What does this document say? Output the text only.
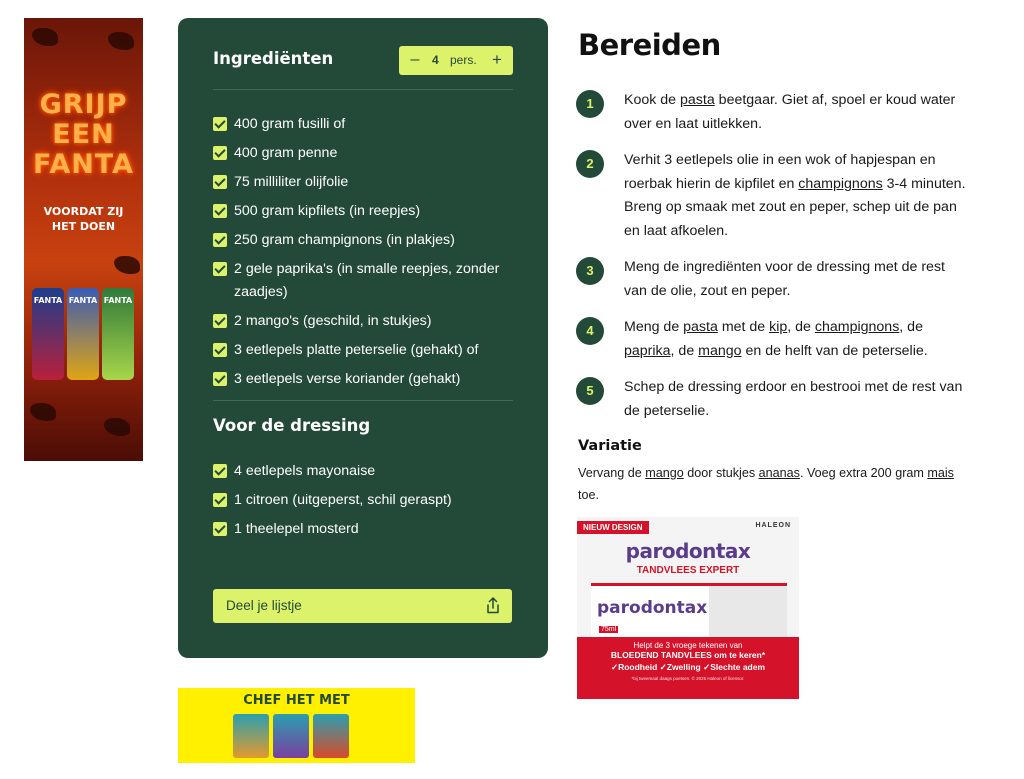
GRIJP
EEN
FANTA
VOORDAT ZIJ
HET DOEN
FANTA FANTA FANTA
Ingrediënten	– 4 pers. +
400 gram fusilli of
400 gram penne
75 milliliter olijfolie
500 gram kipfilets (in reepjes)
250 gram champignons (in plakjes)
2 gele paprika's (in smalle reepjes, zonder zaadjes)
2 mango's (geschild, in stukjes)
3 eetlepels platte peterselie (gehakt) of
3 eetlepels verse koriander (gehakt)
Voor de dressing
4 eetlepels mayonaise
1 citroen (uitgeperst, schil geraspt)
1 theelepel mosterd
Deel je lijstje
Bereiden
1	Kook de pasta beetgaar. Giet af, spoel er koud water over en laat uitlekken.
2	Verhit 3 eetlepels olie in een wok of hapjespan en roerbak hierin de kipfilet en champignons 3-4 minuten. Breng op smaak met zout en peper, schep uit de pan en laat afkoelen.
3	Meng de ingrediënten voor de dressing met de rest van de olie, zout en peper.
4	Meng de pasta met de kip, de champignons, de paprika, de mango en de helft van de peterselie.
5	Schep de dressing erdoor en bestrooi met de rest van de peterselie.
Variatie
Vervang de mango door stukjes ananas. Voeg extra 200 gram mais toe.
NIEUW DESIGN	HALEON
parodontax
TANDVLEES EXPERT
parodontax
75ml
Helpt de 3 vroege tekenen van
BLOEDEND TANDVLEES om te keren*
✓Roodheid ✓Zwelling ✓Slechte adem
*bij tweemaal daags poetsen. © 2025 Haleon of licensor.
CHEF HET MET
